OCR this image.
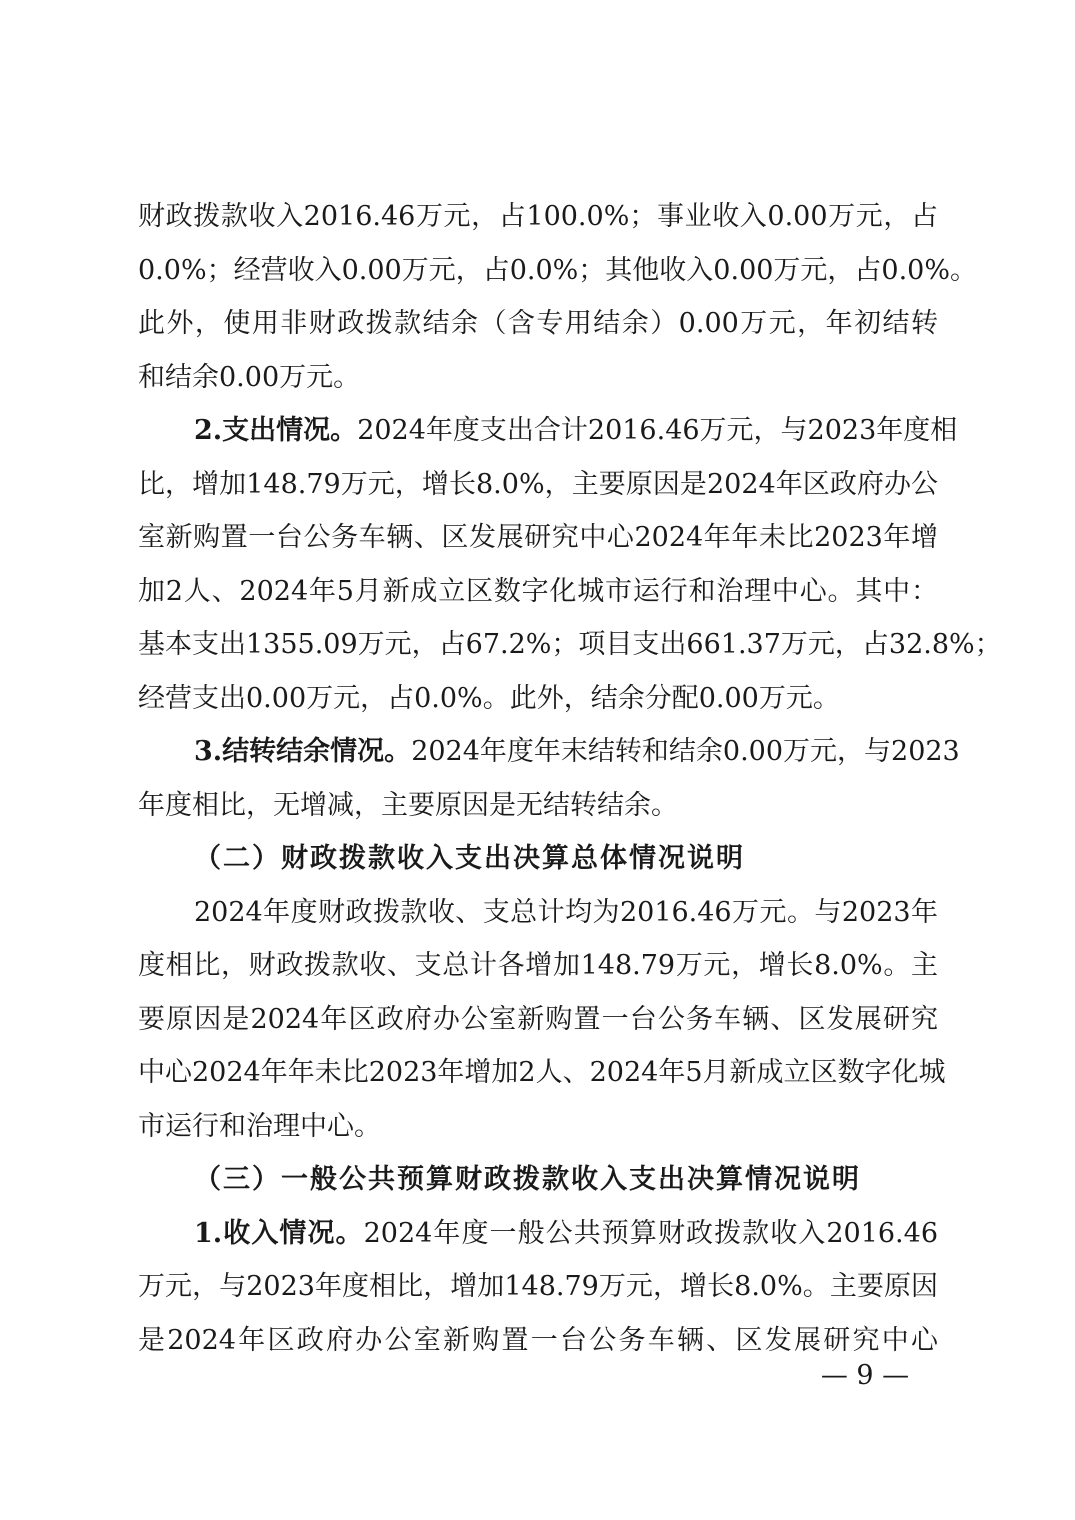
财政拨款收入2016.46万元，占100.0%；事业收入0.00万元，占
0.0%；经营收入0.00万元，占0.0%；其他收入0.00万元，占0.0%。
此外，使用非财政拨款结余（含专用结余）0.00万元，年初结转
和结余0.00万元。
2.支出情况。2024年度支出合计2016.46万元，与2023年度相
比，增加148.79万元，增长8.0%，主要原因是2024年区政府办公
室新购置一台公务车辆、区发展研究中心2024年年未比2023年增
加2人、2024年5月新成立区数字化城市运行和治理中心。其中：
基本支出1355.09万元，占67.2%；项目支出661.37万元，占32.8%；
经营支出0.00万元，占0.0%。此外，结余分配0.00万元。
3.结转结余情况。2024年度年末结转和结余0.00万元，与2023
年度相比，无增减，主要原因是无结转结余。
（二）财政拨款收入支出决算总体情况说明
2024年度财政拨款收、支总计均为2016.46万元。与2023年
度相比，财政拨款收、支总计各增加148.79万元，增长8.0%。主
要原因是2024年区政府办公室新购置一台公务车辆、区发展研究
中心2024年年未比2023年增加2人、2024年5月新成立区数字化城
市运行和治理中心。
（三）一般公共预算财政拨款收入支出决算情况说明
1.收入情况。2024年度一般公共预算财政拨款收入2016.46
万元，与2023年度相比，增加148.79万元，增长8.0%。主要原因
是2024年区政府办公室新购置一台公务车辆、区发展研究中心
— 9 —
